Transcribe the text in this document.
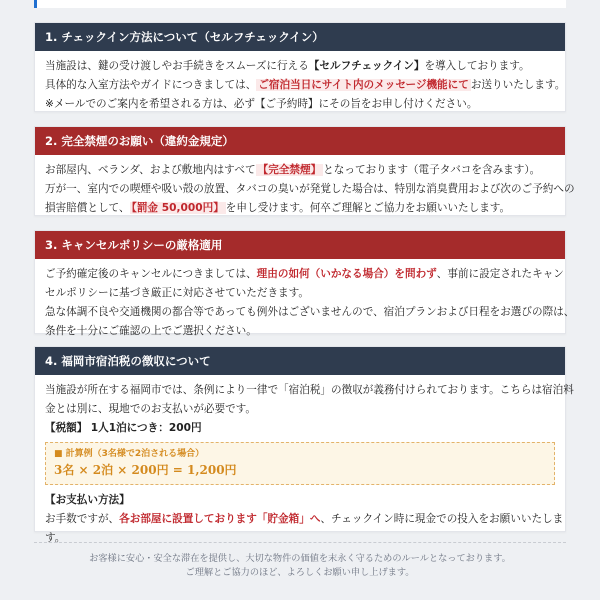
1. チェックイン方法について（セルフチェックイン）
当施設は、鍵の受け渡しやお手続きをスムーズに行える【セルフチェックイン】を導入しております。
具体的な入室方法やガイドにつきましては、 ご宿泊当日にサイト内のメッセージ機能にて お送りいたします。
※メールでのご案内を希望される方は、必ず【ご予約時】にその旨をお申し付けください。
2. 完全禁煙のお願い（違約金規定）
お部屋内、ベランダ、および敷地内はすべて 【完全禁煙】 となっております（電子タバコを含みます）。
万が一、室内での喫煙や吸い殻の放置、タバコの臭いが発覚した場合は、特別な消臭費用および次のご予約への
損害賠償として、 【罰金 50,000円】 を申し受けます。何卒ご理解とご協力をお願いいたします。
3. キャンセルポリシーの厳格適用
ご予約確定後のキャンセルにつきましては、理由の如何（いかなる場合）を問わず、事前に設定されたキャン
セルポリシーに基づき厳正に対応させていただきます。
急な体調不良や交通機関の都合等であっても例外はございませんので、宿泊プランおよび日程をお選びの際は、
条件を十分にご確認の上でご選択ください。
4. 福岡市宿泊税の徴収について
当施設が所在する福岡市では、条例により一律で「宿泊税」の徴収が義務付けられております。こちらは宿泊料
金とは別に、現地でのお支払いが必要です。
【税額】 1人1泊につき：200円
■ 計算例（3名様で2泊される場合）
3名 × 2泊 × 200円 = 1,200円
【お支払い方法】
お手数ですが、各お部屋に設置しております「貯金箱」へ、チェックイン時に現金での投入をお願いいたしま
す。
お客様に安心・安全な滞在を提供し、大切な物件の価値を末永く守るためのルールとなっております。
ご理解とご協力のほど、よろしくお願い申し上げます。
